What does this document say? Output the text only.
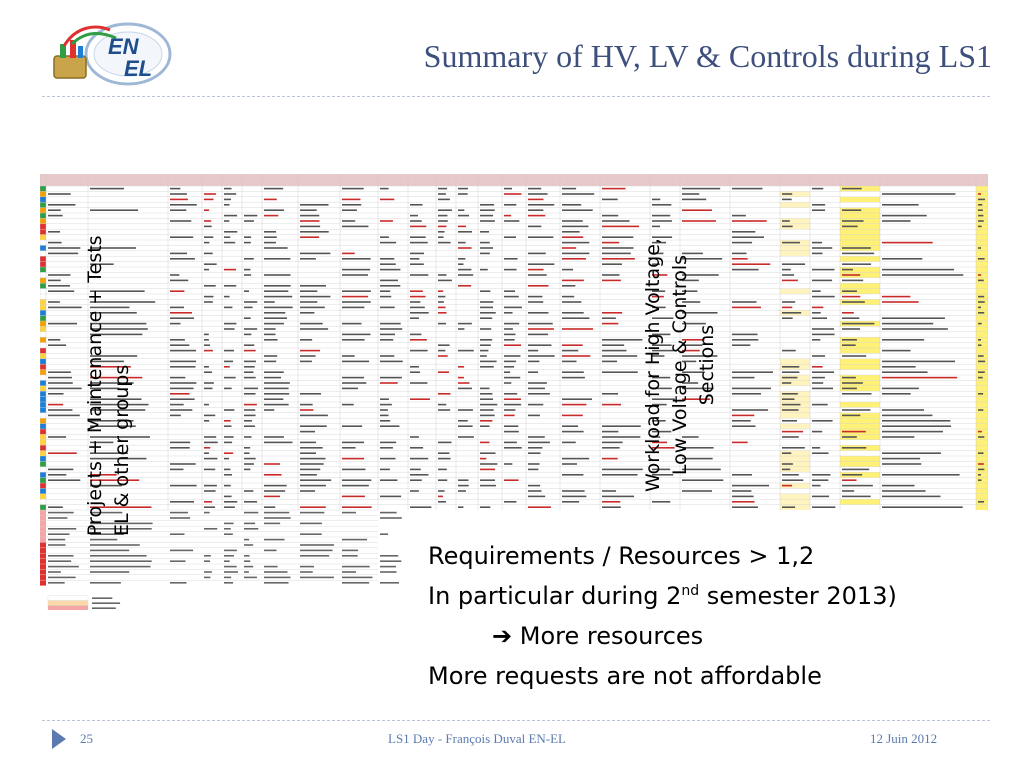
EN
EL	Summary of HV, LV & Controls during LS1
Projects + Maintenance + Tests EL & other groups	Workload for High Voltage, Low Voltage & Controls Sections
Requirements / Resources > 1,2
In particular during 2nd semester 2013)
➔ More resources
More requests are not affordable
25	LS1 Day - François Duval EN-EL	12 Juin 2012
